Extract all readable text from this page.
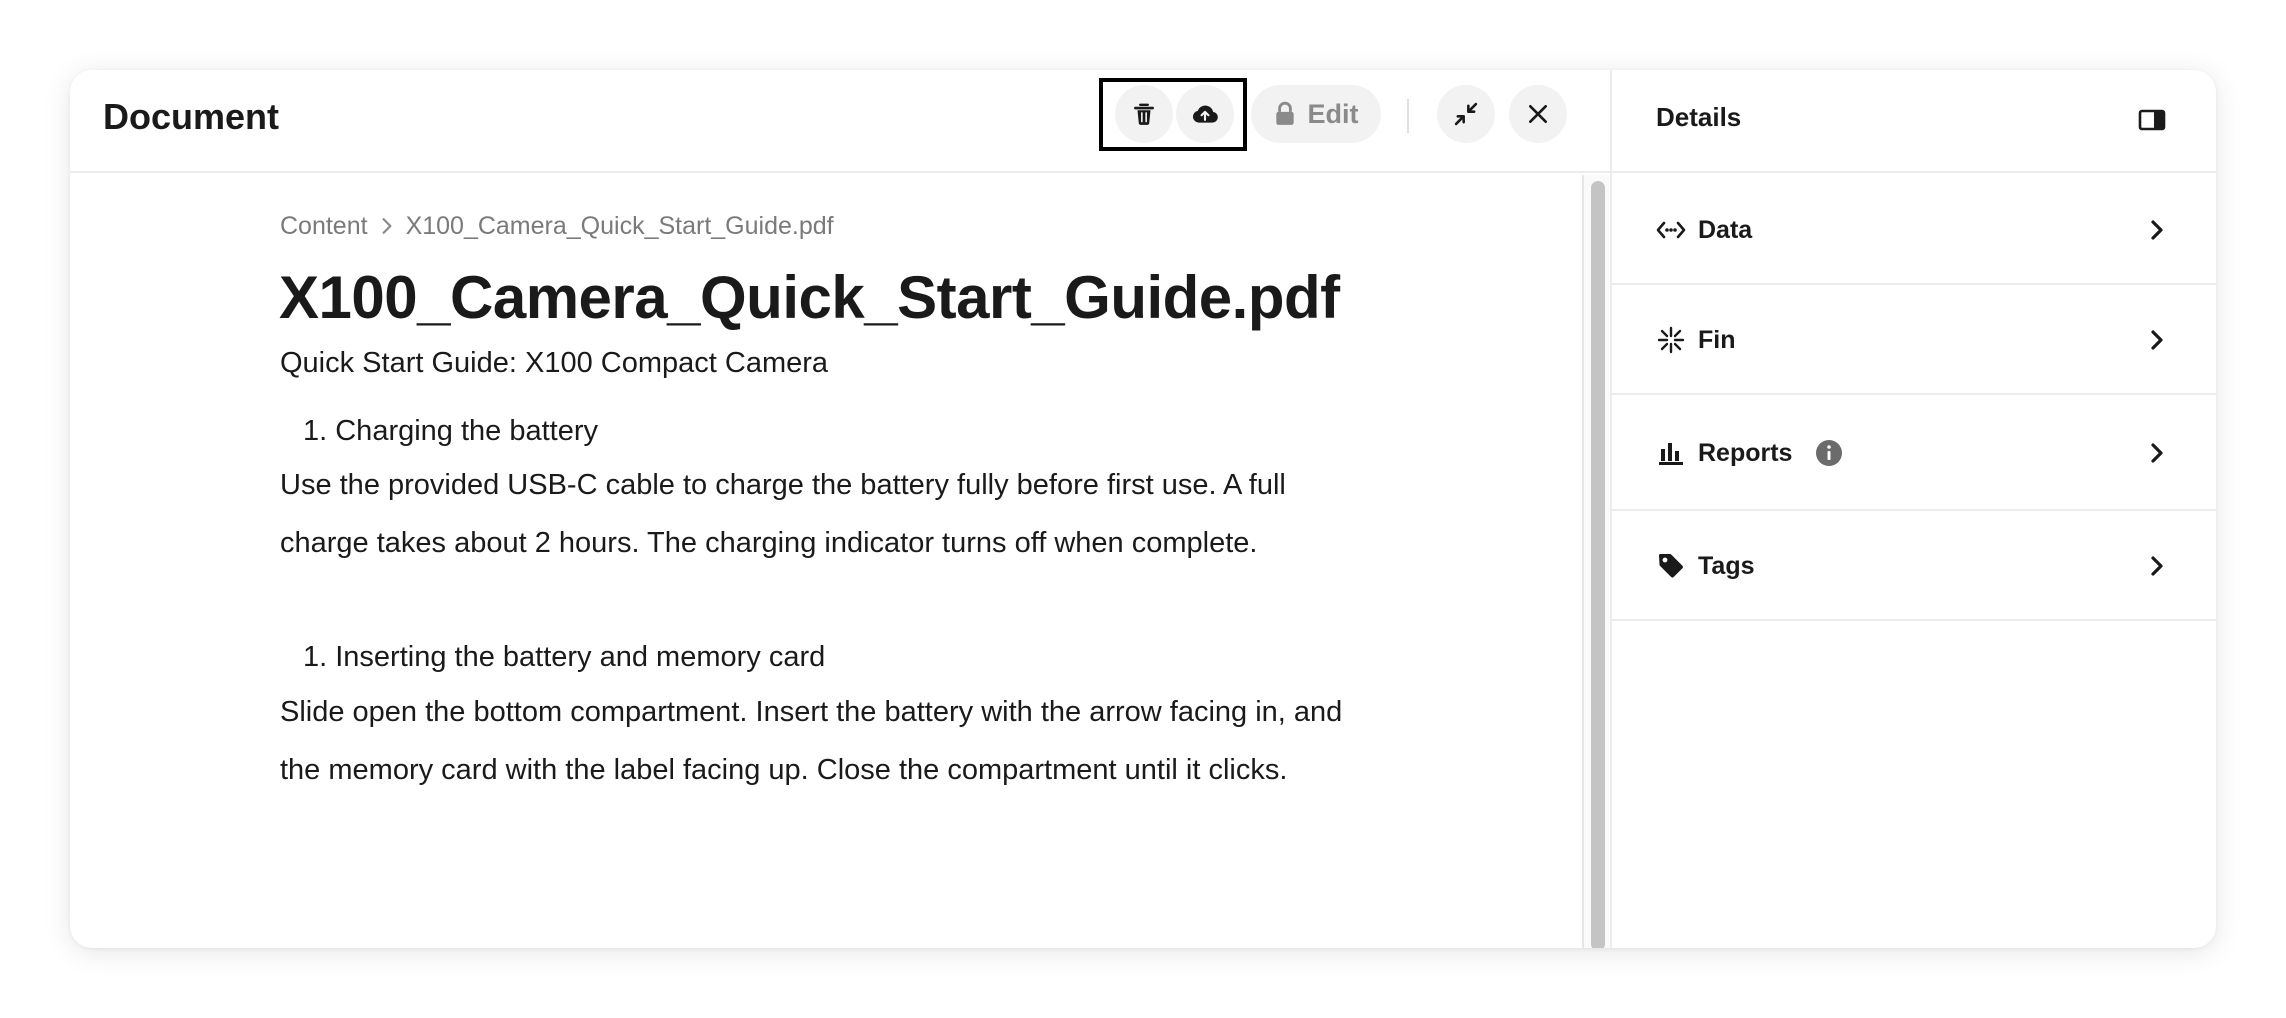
Document	Edit
Content X100_Camera_Quick_Start_Guide.pdf
X100_Camera_Quick_Start_Guide.pdf
Quick Start Guide: X100 Compact Camera
1. Charging the battery
Use the provided USB-C cable to charge the battery fully before first use. A full
charge takes about 2 hours. The charging indicator turns off when complete.
1. Inserting the battery and memory card
Slide open the bottom compartment. Insert the battery with the arrow facing in, and
the memory card with the label facing up. Close the compartment until it clicks.
Details
Data
Fin
Reports
Tags
